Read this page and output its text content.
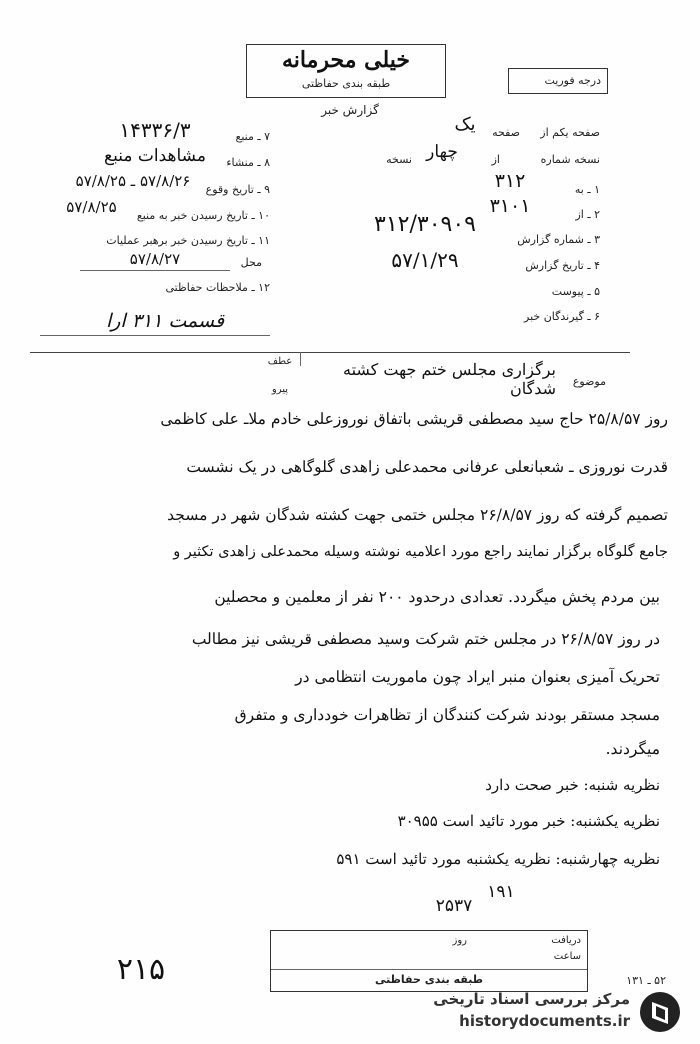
خیلی محرمانه
طبقه بندی حفاظتی
گزارش خبر
درجه فوریت
۷ ـ منبع
۱۴۳۳۶/۳
۸ ـ منشاء
مشاهدات منبع
۹ ـ تاریخ وقوع
۵۷/۸/۲۶ ـ ۵۷/۸/۲۵
۱۰ ـ تاریخ رسیدن خبر به منبع
۵۷/۸/۲۵
۱۱ ـ تاریخ رسیدن خبر برهبر عملیات
محل
۵۷/۸/۲۷
۱۲ ـ ملاحظات حفاظتی
قسمت ۳۱۱ ارا
صفحه یکم از
یک	صفحه
نسخه شماره
از
چهار
نسخه
۱ ـ به
۳۱۲
۲ ـ از
۳۱۰۱
۳ ـ شماره گزارش
۳۱۲/۳۰۹۰۹
۴ ـ تاریخ گزارش
۵۷/۱/۲۹
۵ ـ پیوست
۶ ـ گیرندگان خبر
عطف
پیرو
موضوع
برگزاری مجلس ختم جهت کشته شدگان
روز ۲۵/۸/۵۷ حاج سید مصطفی قریشی باتفاق نوروزعلی خادم ملاـ علی کاظمی
قدرت نوروزی ـ شعبانعلی عرفانی محمدعلی زاهدی گلوگاهی در یک نشست
تصمیم گرفته که روز ۲۶/۸/۵۷ مجلس ختمی جهت کشته شدگان شهر در مسجد
جامع گلوگاه برگزار نمایند راجع مورد اعلامیه نوشته وسیله محمدعلی زاهدی تکثیر و
بین مردم پخش میگردد. تعدادی درحدود ۲۰۰ نفر از معلمین و محصلین
در روز ۲۶/۸/۵۷ در مجلس ختم شرکت وسید مصطفی قریشی نیز مطالب
تحریک آمیزی بعنوان منبر ایراد چون ماموریت انتظامی در
مسجد مستقر بودند شرکت کنندگان از تظاهرات خودداری و متفرق
میگردند.
نظریه شنبه: خبر صحت دارد
نظریه یکشنبه: خبر مورد تائید است ۳۰۹۵۵
نظریه چهارشنبه: نظریه یکشنبه مورد تائید است ۵۹۱
۱۹۱
۲۵۳۷
۲۱۵
دریافت
روز
ساعت
طبقه بندی حفاظتی	۵۲ ـ ۱۳۱
مرکز بررسی اسناد تاریخی
historydocuments.ir
